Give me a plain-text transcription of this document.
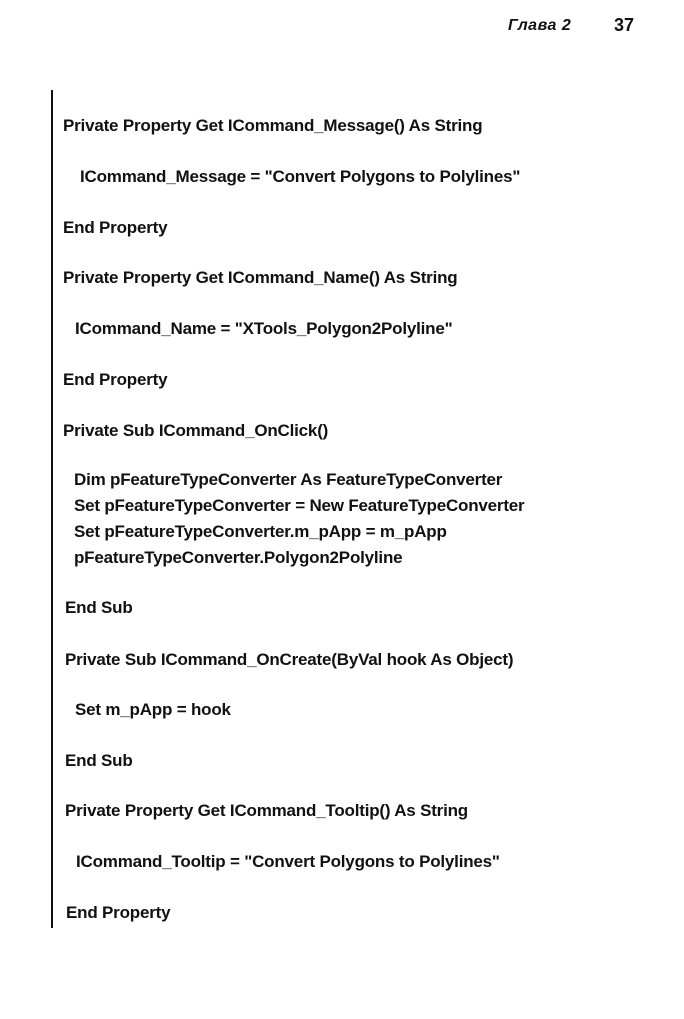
Глава 2 37
Private Property Get ICommand_Message() As String
ICommand_Message = "Convert Polygons to Polylines"
End Property
Private Property Get ICommand_Name() As String
ICommand_Name = "XTools_Polygon2Polyline"
End Property
Private Sub ICommand_OnClick()
Dim pFeatureTypeConverter As FeatureTypeConverter
Set pFeatureTypeConverter = New FeatureTypeConverter
Set pFeatureTypeConverter.m_pApp = m_pApp
pFeatureTypeConverter.Polygon2Polyline
End Sub
Private Sub ICommand_OnCreate(ByVal hook As Object)
Set m_pApp = hook
End Sub
Private Property Get ICommand_Tooltip() As String
ICommand_Tooltip = "Convert Polygons to Polylines"
End Property
